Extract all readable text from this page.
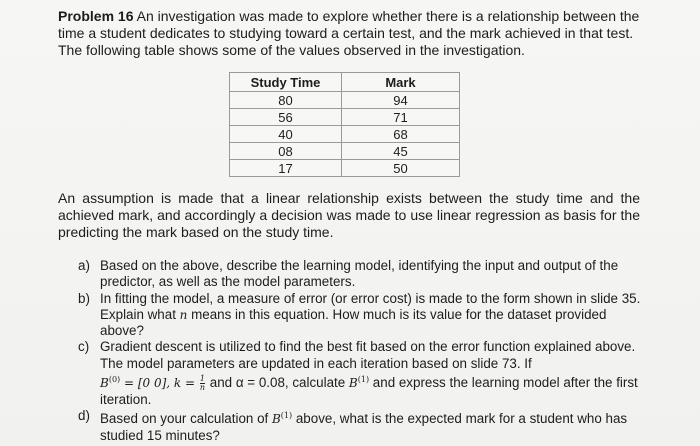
Problem 16 An investigation was made to explore whether there is a relationship between the time a student dedicates to studying toward a certain test, and the mark achieved in that test. The following table shows some of the values observed in the investigation.
Study Time	Mark
80	94
56	71
40	68
08	45
17	50
An assumption is made that a linear relationship exists between the study time and the achieved mark, and accordingly a decision was made to use linear regression as basis for the predicting the mark based on the study time.
a) Based on the above, describe the learning model, identifying the input and output of the predictor, as well as the model parameters.
b) In fitting the model, a measure of error (or error cost) is made to the form shown in slide 35. Explain what n means in this equation. How much is its value for the dataset provided above?
c) Gradient descent is utilized to find the best fit based on the error function explained above. The model parameters are updated in each iteration based on slide 73. If
$B^{(0)} = [0$ 0], $k = \frac{1}{n}$ and α = 0.08, calculate $B^{(1)}$ and express the learning model after the first iteration.
d) Based on your calculation of $B^{(1)}$ above, what is the expected mark for a student who has studied 15 minutes?
